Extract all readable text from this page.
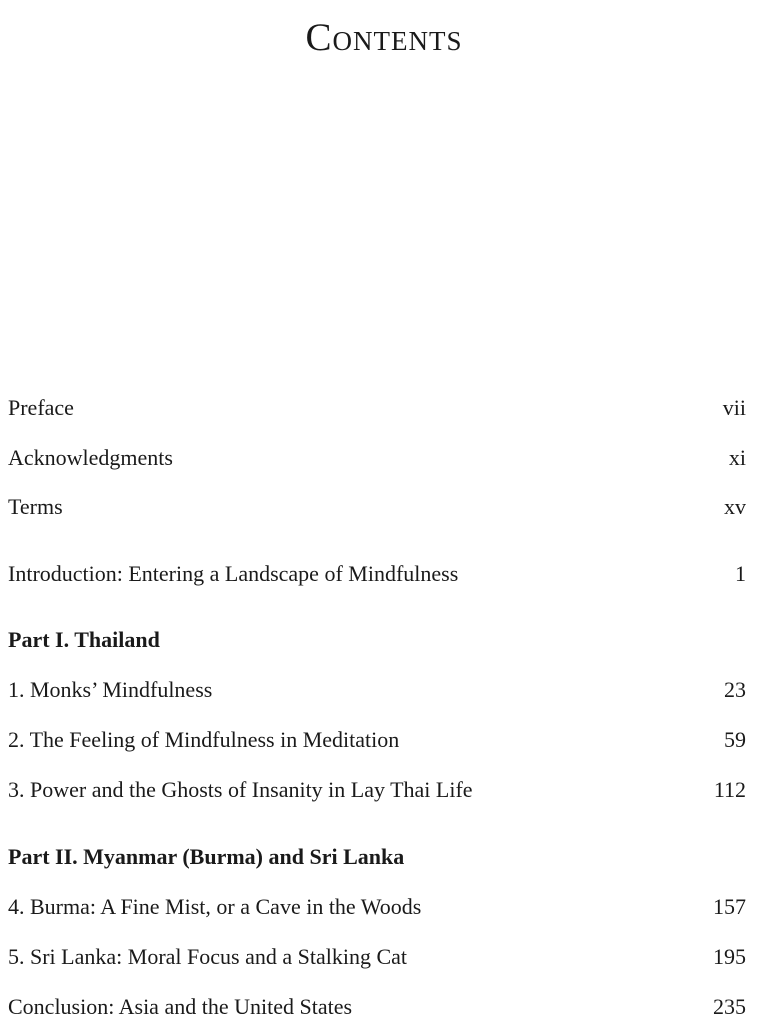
Contents
Preface	vii
Acknowledgments	xi
Terms	xv
Introduction: Entering a Landscape of Mindfulness	1
Part I. Thailand
1. Monks’ Mindfulness	23
2. The Feeling of Mindfulness in Meditation	59
3. Power and the Ghosts of Insanity in Lay Thai Life	112
Part II. Myanmar (Burma) and Sri Lanka
4. Burma: A Fine Mist, or a Cave in the Woods	157
5. Sri Lanka: Moral Focus and a Stalking Cat	195
Conclusion: Asia and the United States	235
